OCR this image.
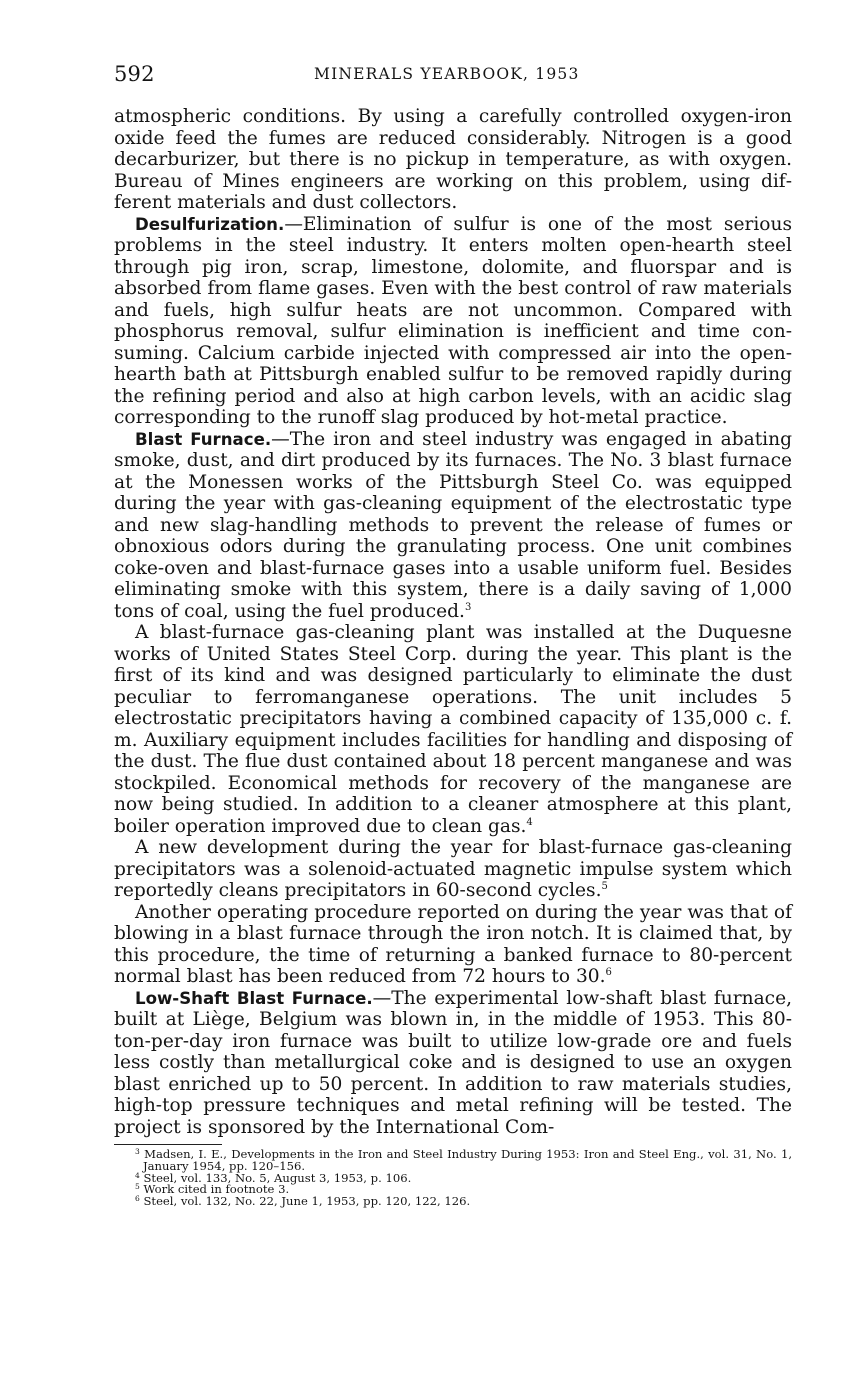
592	MINERALS YEARBOOK, 1953

atmospheric conditions. By using a carefully controlled oxygen-iron oxide feed the fumes are reduced considerably. Nitrogen is a good decarburizer, but there is no pickup in temperature, as with oxygen. Bureau of Mines engineers are working on this problem, using different materials and dust collectors.

Desulfurization.—Elimination of sulfur is one of the most serious problems in the steel industry. It enters molten open-hearth steel through pig iron, scrap, limestone, dolomite, and fluorspar and is absorbed from flame gases. Even with the best control of raw materials and fuels, high sulfur heats are not uncommon. Compared with phosphorus removal, sulfur elimination is inefficient and time consuming. Calcium carbide injected with compressed air into the open-hearth bath at Pittsburgh enabled sulfur to be removed rapidly during the refining period and also at high carbon levels, with an acidic slag corresponding to the runoff slag produced by hot-metal practice.

Blast Furnace.—The iron and steel industry was engaged in abating smoke, dust, and dirt produced by its furnaces. The No. 3 blast furnace at the Monessen works of the Pittsburgh Steel Co. was equipped during the year with gas-cleaning equipment of the electrostatic type and new slag-handling methods to prevent the release of fumes or obnoxious odors during the granulating process. One unit combines coke-oven and blast-furnace gases into a usable uniform fuel. Besides eliminating smoke with this system, there is a daily saving of 1,000 tons of coal, using the fuel produced.$^3$

A blast-furnace gas-cleaning plant was installed at the Duquesne works of United States Steel Corp. during the year. This plant is the first of its kind and was designed particularly to eliminate the dust peculiar to ferromanganese operations. The unit includes 5 electrostatic precipitators having a combined capacity of 135,000 c. f. m. Auxiliary equipment includes facilities for handling and disposing of the dust. The flue dust contained about 18 percent manganese and was stockpiled. Economical methods for recovery of the manganese are now being studied. In addition to a cleaner atmosphere at this plant, boiler operation improved due to clean gas.$^4$

A new development during the year for blast-furnace gas-cleaning precipitators was a solenoid-actuated magnetic impulse system which reportedly cleans precipitators in 60-second cycles.$^5$

Another operating procedure reported on during the year was that of blowing in a blast furnace through the iron notch. It is claimed that, by this procedure, the time of returning a banked furnace to 80-percent normal blast has been reduced from 72 hours to 30.$^6$

Low-Shaft Blast Furnace.—The experimental low-shaft blast furnace, built at Liège, Belgium was blown in, in the middle of 1953. This 80-ton-per-day iron furnace was built to utilize low-grade ore and fuels less costly than metallurgical coke and is designed to use an oxygen blast enriched up to 50 percent. In addition to raw materials studies, high-top pressure techniques and metal refining will be tested. The project is sponsored by the International Com-

$^3$ Madsen, I. E., Developments in the Iron and Steel Industry During 1953: Iron and Steel Eng., vol. 31, No. 1, January 1954, pp. 120–156.

$^4$ Steel, vol. 133, No. 5, August 3, 1953, p. 106.

$^5$ Work cited in footnote 3.

$^6$ Steel, vol. 132, No. 22, June 1, 1953, pp. 120, 122, 126.
